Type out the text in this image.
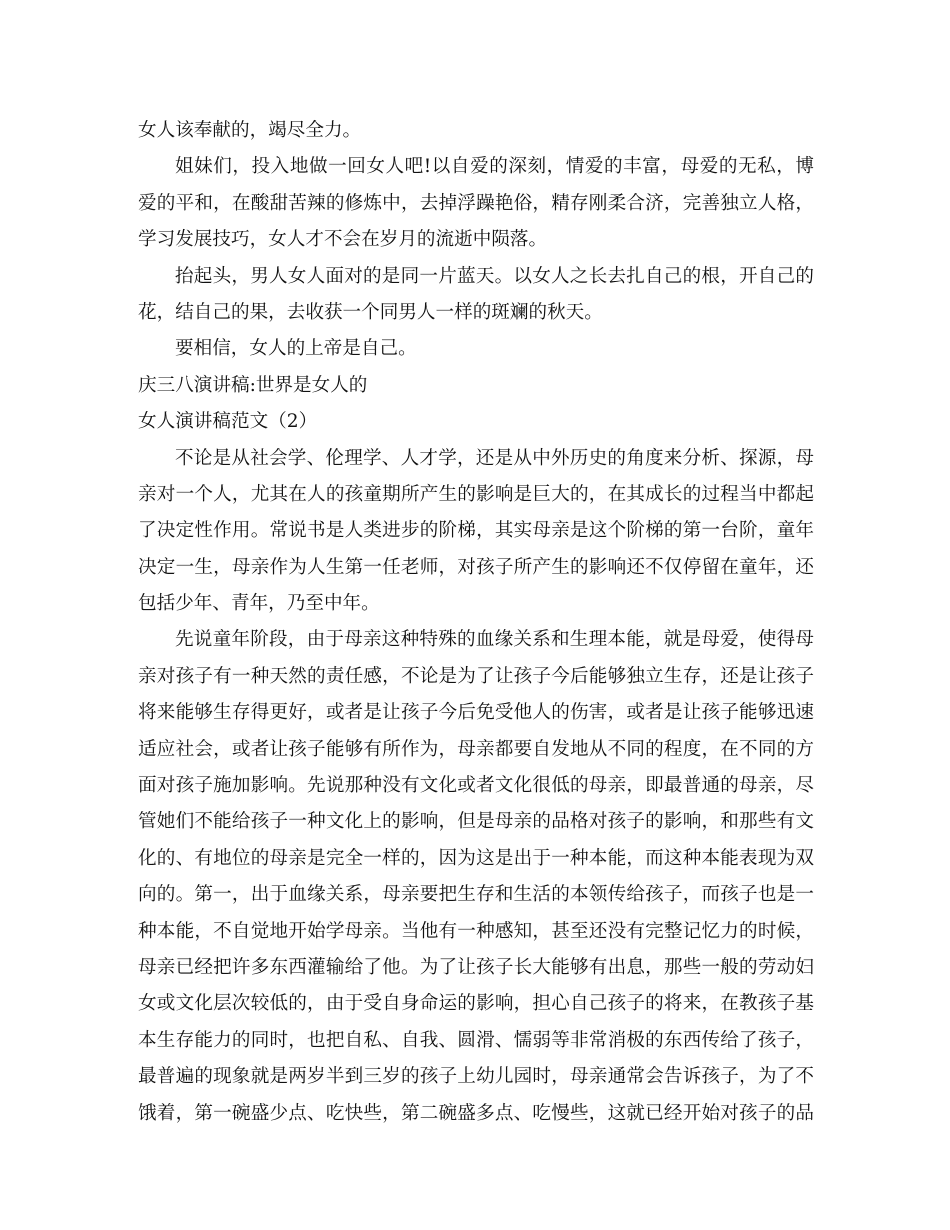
女人该奉献的，竭尽全力。
姐妹们，投入地做一回女人吧!以自爱的深刻，情爱的丰富，母爱的无私，博
爱的平和，在酸甜苦辣的修炼中，去掉浮躁艳俗，精存刚柔合济，完善独立人格，
学习发展技巧，女人才不会在岁月的流逝中陨落。
抬起头，男人女人面对的是同一片蓝天。以女人之长去扎自己的根，开自己的
花，结自己的果，去收获一个同男人一样的斑斓的秋天。
要相信，女人的上帝是自己。
庆三八演讲稿:世界是女人的
女人演讲稿范文（2）
不论是从社会学、伦理学、人才学，还是从中外历史的角度来分析、探源，母
亲对一个人，尤其在人的孩童期所产生的影响是巨大的，在其成长的过程当中都起
了决定性作用。常说书是人类进步的阶梯，其实母亲是这个阶梯的第一台阶，童年
决定一生，母亲作为人生第一任老师，对孩子所产生的影响还不仅停留在童年，还
包括少年、青年，乃至中年。
先说童年阶段，由于母亲这种特殊的血缘关系和生理本能，就是母爱，使得母
亲对孩子有一种天然的责任感，不论是为了让孩子今后能够独立生存，还是让孩子
将来能够生存得更好，或者是让孩子今后免受他人的伤害，或者是让孩子能够迅速
适应社会，或者让孩子能够有所作为，母亲都要自发地从不同的程度，在不同的方
面对孩子施加影响。先说那种没有文化或者文化很低的母亲，即最普通的母亲，尽
管她们不能给孩子一种文化上的影响，但是母亲的品格对孩子的影响，和那些有文
化的、有地位的母亲是完全一样的，因为这是出于一种本能，而这种本能表现为双
向的。第一，出于血缘关系，母亲要把生存和生活的本领传给孩子，而孩子也是一
种本能，不自觉地开始学母亲。当他有一种感知，甚至还没有完整记忆力的时候，
母亲已经把许多东西灌输给了他。为了让孩子长大能够有出息，那些一般的劳动妇
女或文化层次较低的，由于受自身命运的影响，担心自己孩子的将来，在教孩子基
本生存能力的同时，也把自私、自我、圆滑、懦弱等非常消极的东西传给了孩子，
最普遍的现象就是两岁半到三岁的孩子上幼儿园时，母亲通常会告诉孩子，为了不
饿着，第一碗盛少点、吃快些，第二碗盛多点、吃慢些，这就已经开始对孩子的品
